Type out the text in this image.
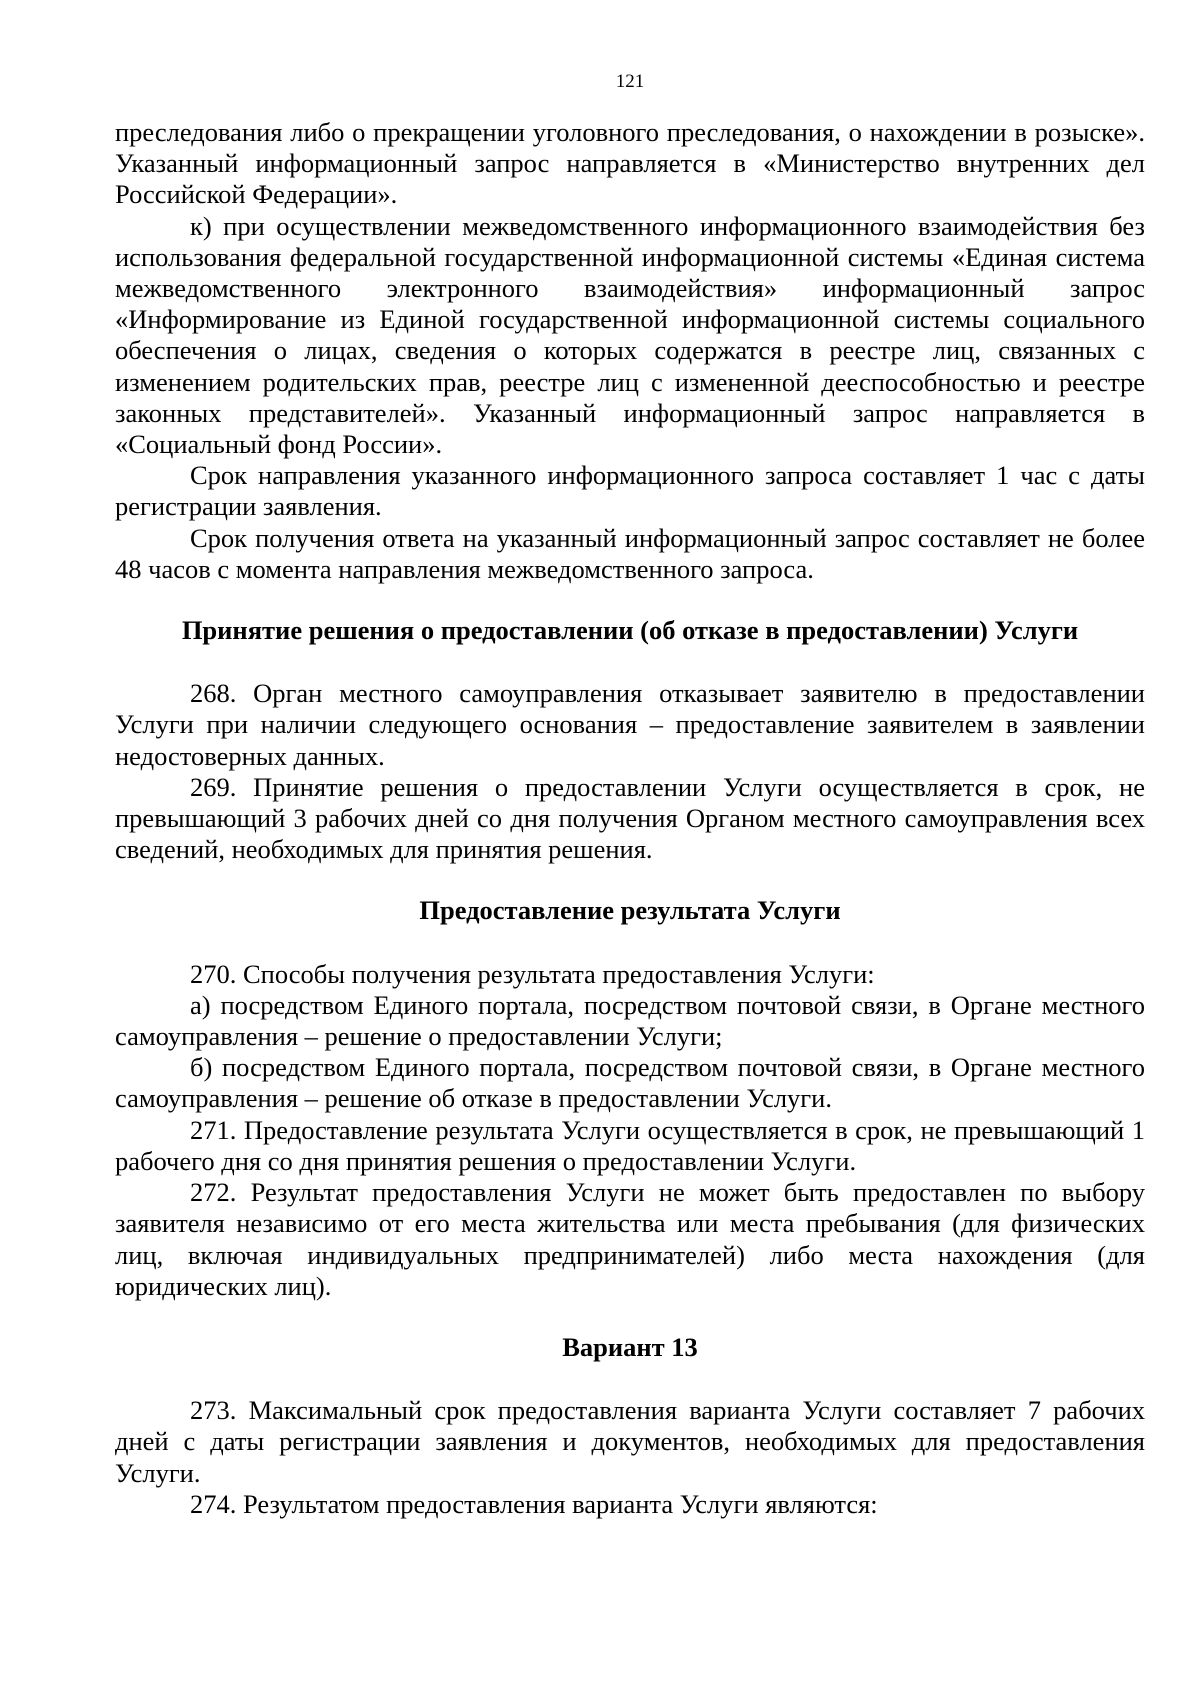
121

преследования либо о прекращении уголовного преследования, о нахождении в розыске». Указанный информационный запрос направляется в «Министерство внутренних дел Российской Федерации».

к) при осуществлении межведомственного информационного взаимодействия без использования федеральной государственной информационной системы «Единая система межведомственного электронного взаимодействия» информационный запрос «Информирование из Единой государственной информационной системы социального обеспечения о лицах, сведения о которых содержатся в реестре лиц, связанных с изменением родительских прав, реестре лиц с измененной дееспособностью и реестре законных представителей». Указанный информационный запрос направляется в «Социальный фонд России».

Срок направления указанного информационного запроса составляет 1 час с даты регистрации заявления.

Срок получения ответа на указанный информационный запрос составляет не более 48 часов с момента направления межведомственного запроса.

Принятие решения о предоставлении (об отказе в предоставлении) Услуги

268. Орган местного самоуправления отказывает заявителю в предоставлении Услуги при наличии следующего основания – предоставление заявителем в заявлении недостоверных данных.

269. Принятие решения о предоставлении Услуги осуществляется в срок, не превышающий 3 рабочих дней со дня получения Органом местного самоуправления всех сведений, необходимых для принятия решения.

Предоставление результата Услуги

270. Способы получения результата предоставления Услуги:

а) посредством Единого портала, посредством почтовой связи, в Органе местного самоуправления – решение о предоставлении Услуги;

б) посредством Единого портала, посредством почтовой связи, в Органе местного самоуправления – решение об отказе в предоставлении Услуги.

271. Предоставление результата Услуги осуществляется в срок, не превышающий 1 рабочего дня со дня принятия решения о предоставлении Услуги.

272. Результат предоставления Услуги не может быть предоставлен по выбору заявителя независимо от его места жительства или места пребывания (для физических лиц, включая индивидуальных предпринимателей) либо места нахождения (для юридических лиц).

Вариант 13

273. Максимальный срок предоставления варианта Услуги составляет 7 рабочих дней с даты регистрации заявления и документов, необходимых для предоставления Услуги.

274. Результатом предоставления варианта Услуги являются:
